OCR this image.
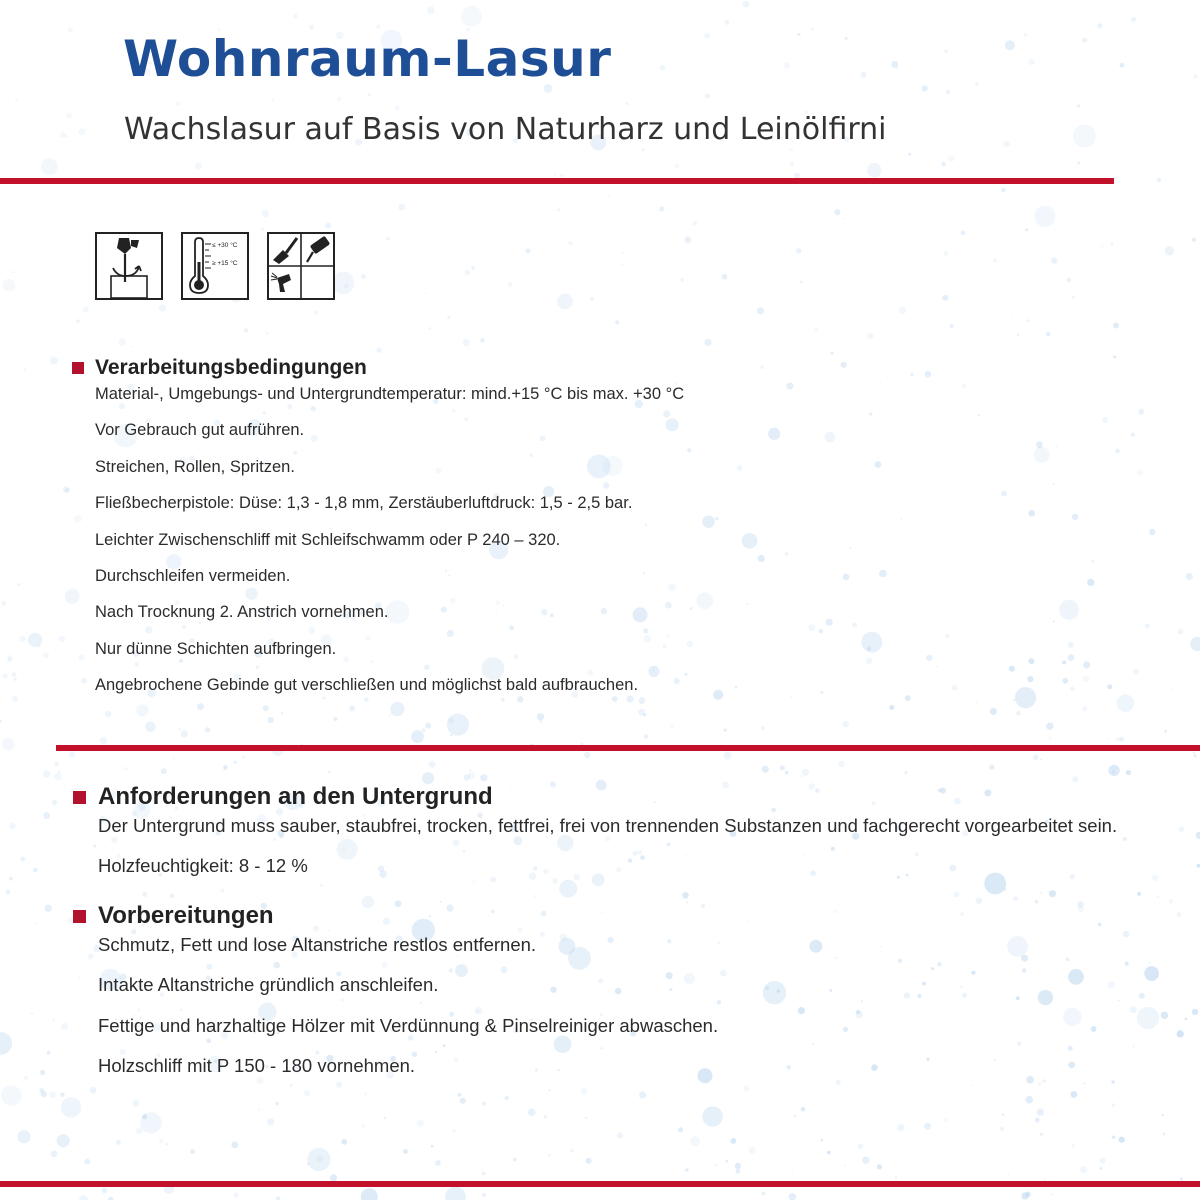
Wohnraum-Lasur
Wachslasur auf Basis von Naturharz und Leinölfirni
≤ +30 °C
≥ +15 °C
Verarbeitungsbedingungen
Material-, Umgebungs- und Untergrundtemperatur: mind.+15 °C bis max. +30 °C
Vor Gebrauch gut aufrühren.
Streichen, Rollen, Spritzen.
Fließbecherpistole: Düse: 1,3 - 1,8 mm, Zerstäuberluftdruck: 1,5 - 2,5 bar.
Leichter Zwischenschliff mit Schleifschwamm oder P 240 – 320.
Durchschleifen vermeiden.
Nach Trocknung 2. Anstrich vornehmen.
Nur dünne Schichten aufbringen.
Angebrochene Gebinde gut verschließen und möglichst bald aufbrauchen.
Anforderungen an den Untergrund
Der Untergrund muss sauber, staubfrei, trocken, fettfrei, frei von trennenden Substanzen und fachgerecht vorgearbeitet sein.
Holzfeuchtigkeit: 8 - 12 %
Vorbereitungen
Schmutz, Fett und lose Altanstriche restlos entfernen.
Intakte Altanstriche gründlich anschleifen.
Fettige und harzhaltige Hölzer mit Verdünnung & Pinselreiniger abwaschen.
Holzschliff mit P 150 - 180 vornehmen.
